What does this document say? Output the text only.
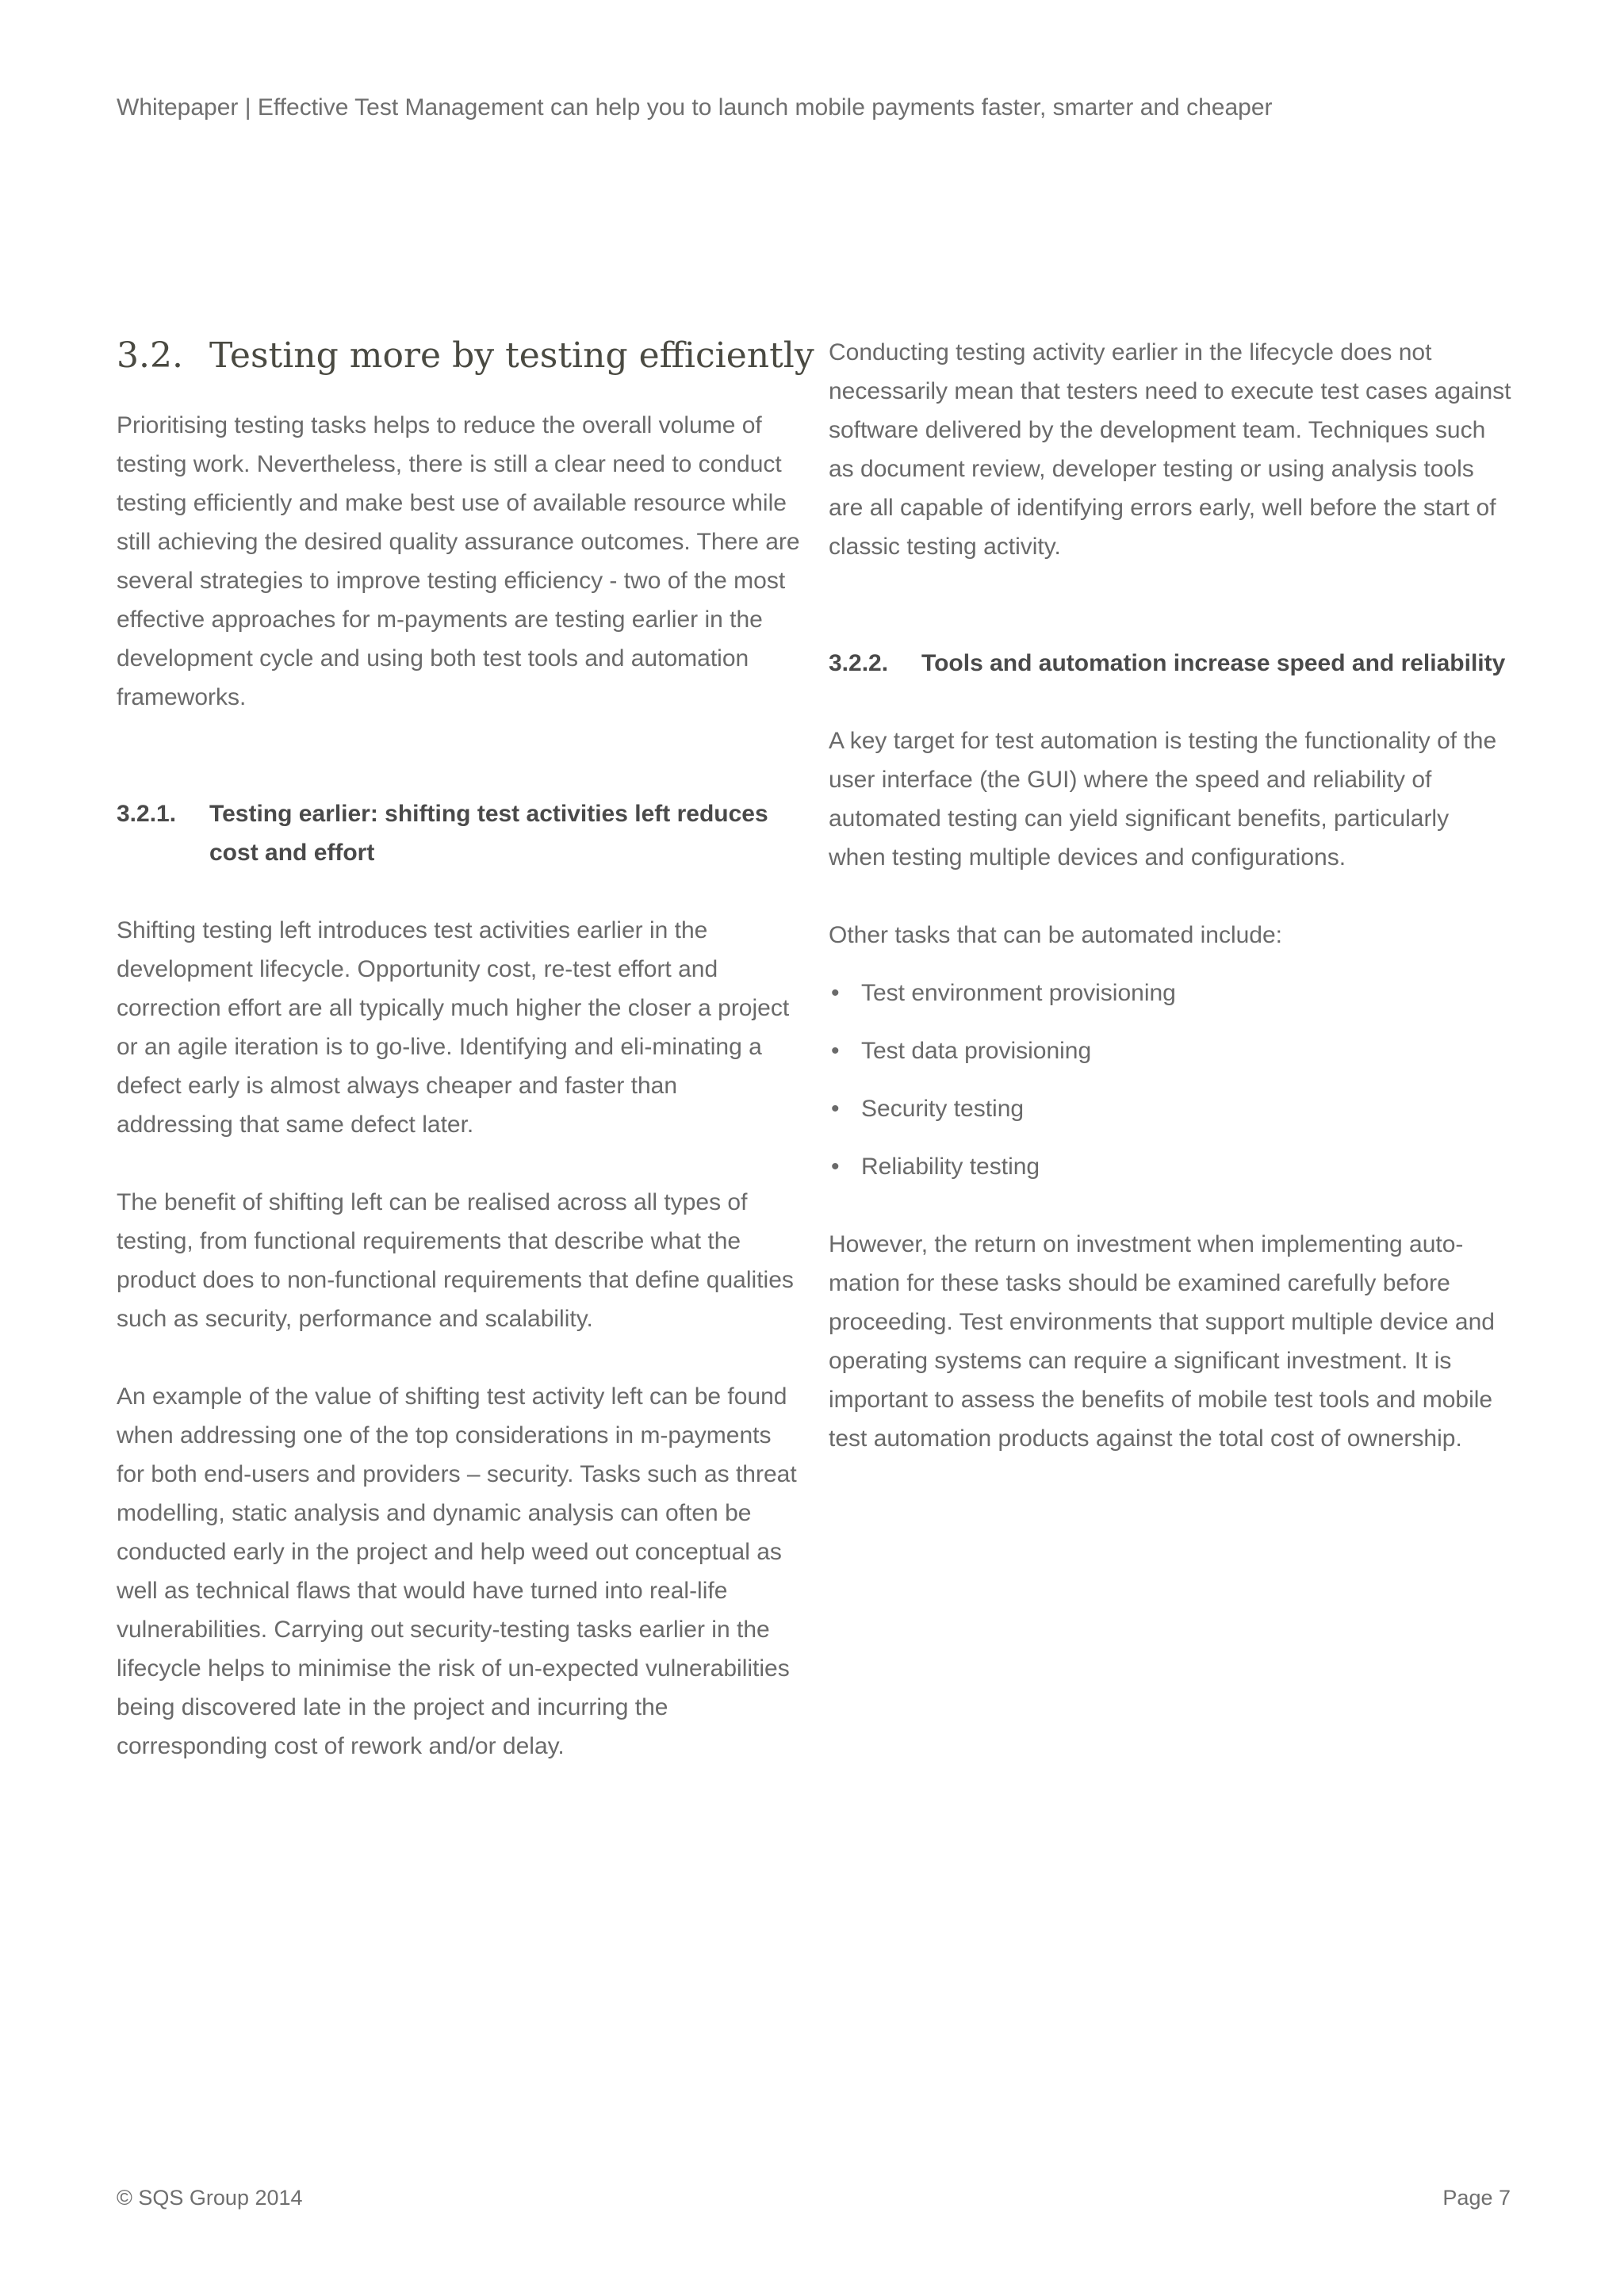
Whitepaper | Effective Test Management can help you to launch mobile payments faster, smarter and cheaper
3.2. Testing more by testing efficiently

Prioritising testing tasks helps to reduce the overall volume of testing work. Nevertheless, there is still a clear need to conduct testing efficiently and make best use of available resource while still achieving the desired quality assurance outcomes. There are several strategies to improve testing efficiency - two of the most effective approaches for m-payments are testing earlier in the development cycle and using both test tools and automation frameworks.

3.2.1.	Testing earlier: shifting test activities left reduces cost and effort

Shifting testing left introduces test activities earlier in the development lifecycle. Opportunity cost, re-test effort and correction effort are all typically much higher the closer a project or an agile iteration is to go-live. Identifying and eli-minating a defect early is almost always cheaper and faster than addressing that same defect later.

The benefit of shifting left can be realised across all types of testing, from functional requirements that describe what the product does to non-functional requirements that define qualities such as security, performance and scalability.

An example of the value of shifting test activity left can be found when addressing one of the top considerations in m-payments for both end-users and providers – security. Tasks such as threat modelling, static analysis and dynamic analysis can often be conducted early in the project and help weed out conceptual as well as technical flaws that would have turned into real-life vulnerabilities. Carrying out security-testing tasks earlier in the lifecycle helps to minimise the risk of un-expected vulnerabilities being discovered late in the project and incurring the corresponding cost of rework and/or delay.

Conducting testing activity earlier in the lifecycle does not necessarily mean that testers need to execute test cases against software delivered by the development team. Techniques such as document review, developer testing or using analysis tools are all capable of identifying errors early, well before the start of classic testing activity.

3.2.2.	Tools and automation increase speed and reliability

A key target for test automation is testing the functionality of the user interface (the GUI) where the speed and reliability of automated testing can yield significant benefits, particularly when testing multiple devices and configurations.

Other tasks that can be automated include:

• Test environment provisioning
• Test data provisioning
• Security testing
• Reliability testing

However, the return on investment when implementing auto-mation for these tasks should be examined carefully before proceeding. Test environments that support multiple device and operating systems can require a significant investment. It is important to assess the benefits of mobile test tools and mobile test automation products against the total cost of ownership.

© SQS Group 2014	Page 7
